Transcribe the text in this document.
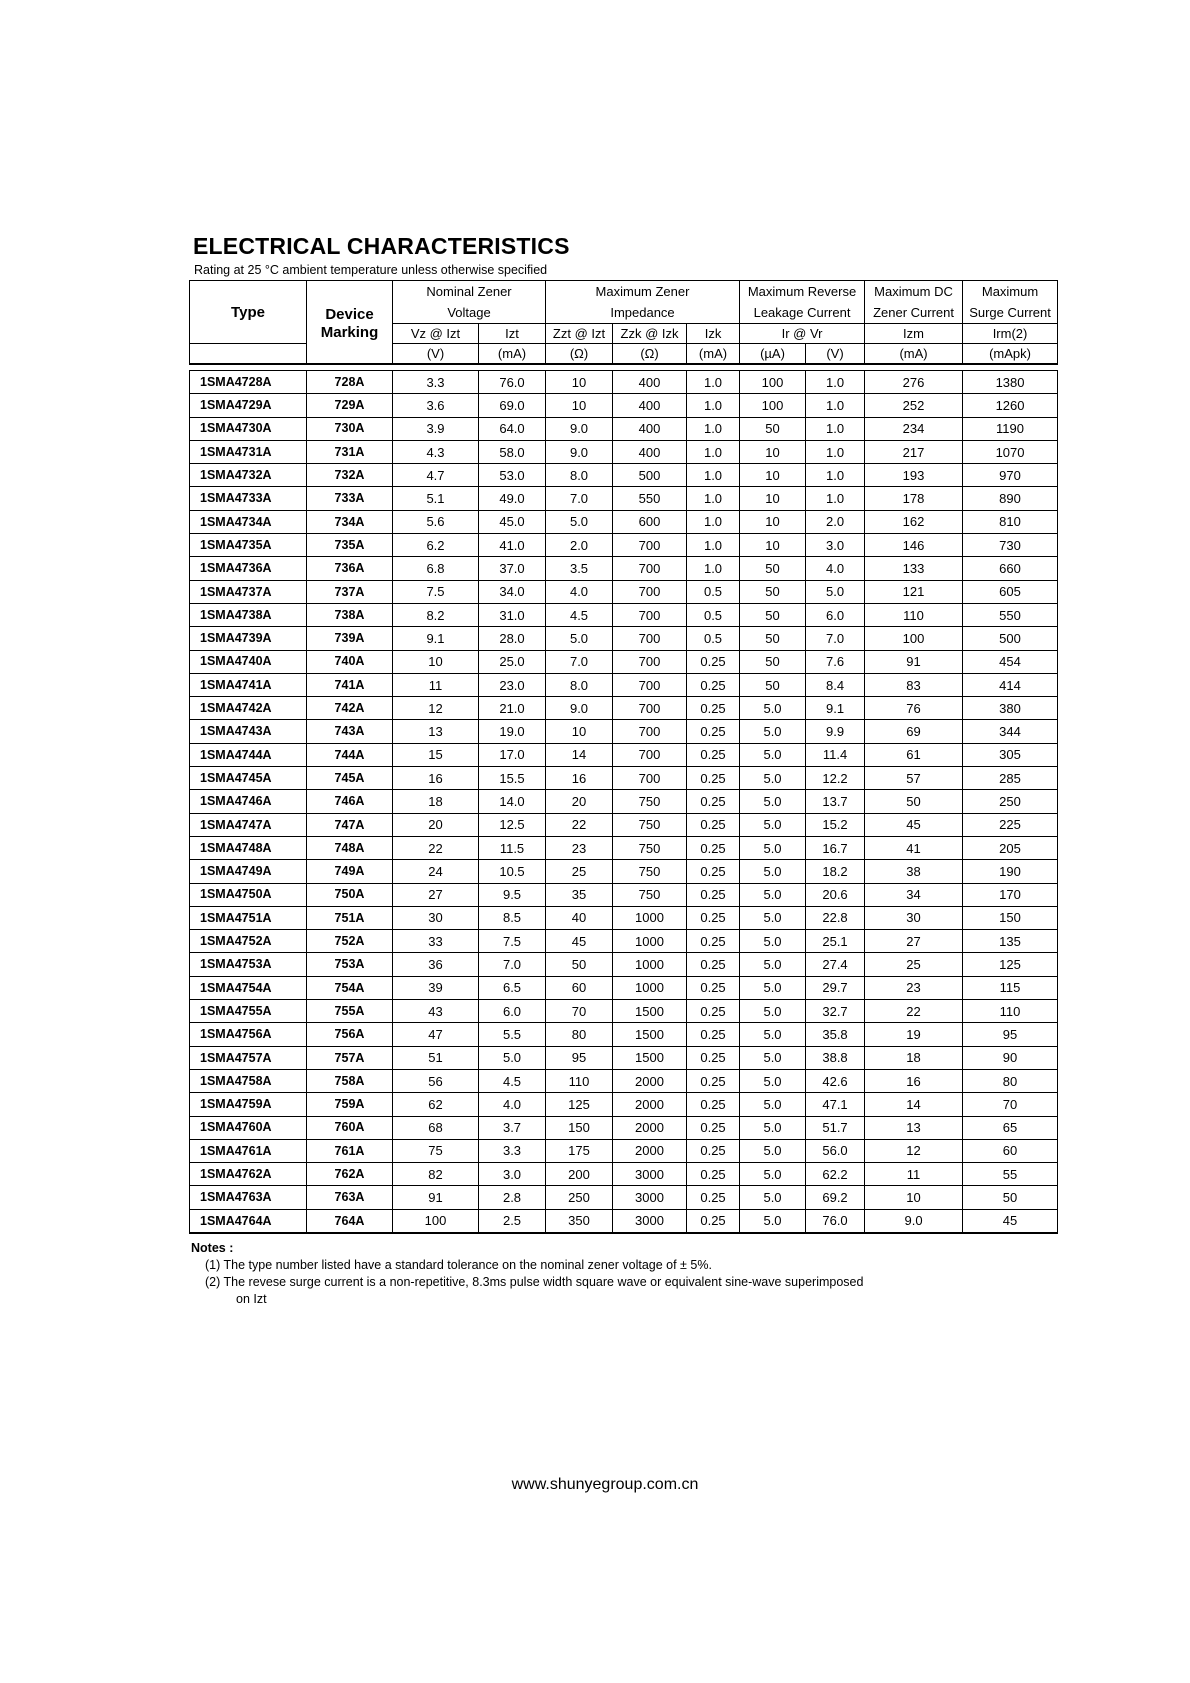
ELECTRICAL CHARACTERISTICS
Rating at 25 °C ambient temperature unless otherwise specified
Type	Device	Nominal Zener		Maximum Zener			Maximum Reverse		Maximum DC	Maximum
		Voltage		Impedance			Leakage Current		Zener Current	Surge Current
	Marking	Vz @ Izt	Izt	Zzt @ Izt	Zzk @ Izk	Izk	Ir @ Vr		Izm	Irm(2)
		(V)	(mA)	(Ω)	(Ω)	(mA)	(µA)	(V)	(mA)	(mApk)

1SMA4728A	728A	3.3	76.0	10	400	1.0	100	1.0	276	1380
1SMA4729A	729A	3.6	69.0	10	400	1.0	100	1.0	252	1260
1SMA4730A	730A	3.9	64.0	9.0	400	1.0	50	1.0	234	1190
1SMA4731A	731A	4.3	58.0	9.0	400	1.0	10	1.0	217	1070
1SMA4732A	732A	4.7	53.0	8.0	500	1.0	10	1.0	193	970
1SMA4733A	733A	5.1	49.0	7.0	550	1.0	10	1.0	178	890
1SMA4734A	734A	5.6	45.0	5.0	600	1.0	10	2.0	162	810
1SMA4735A	735A	6.2	41.0	2.0	700	1.0	10	3.0	146	730
1SMA4736A	736A	6.8	37.0	3.5	700	1.0	50	4.0	133	660
1SMA4737A	737A	7.5	34.0	4.0	700	0.5	50	5.0	121	605
1SMA4738A	738A	8.2	31.0	4.5	700	0.5	50	6.0	110	550
1SMA4739A	739A	9.1	28.0	5.0	700	0.5	50	7.0	100	500
1SMA4740A	740A	10	25.0	7.0	700	0.25	50	7.6	91	454
1SMA4741A	741A	11	23.0	8.0	700	0.25	50	8.4	83	414
1SMA4742A	742A	12	21.0	9.0	700	0.25	5.0	9.1	76	380
1SMA4743A	743A	13	19.0	10	700	0.25	5.0	9.9	69	344
1SMA4744A	744A	15	17.0	14	700	0.25	5.0	11.4	61	305
1SMA4745A	745A	16	15.5	16	700	0.25	5.0	12.2	57	285
1SMA4746A	746A	18	14.0	20	750	0.25	5.0	13.7	50	250
1SMA4747A	747A	20	12.5	22	750	0.25	5.0	15.2	45	225
1SMA4748A	748A	22	11.5	23	750	0.25	5.0	16.7	41	205
1SMA4749A	749A	24	10.5	25	750	0.25	5.0	18.2	38	190
1SMA4750A	750A	27	9.5	35	750	0.25	5.0	20.6	34	170
1SMA4751A	751A	30	8.5	40	1000	0.25	5.0	22.8	30	150
1SMA4752A	752A	33	7.5	45	1000	0.25	5.0	25.1	27	135
1SMA4753A	753A	36	7.0	50	1000	0.25	5.0	27.4	25	125
1SMA4754A	754A	39	6.5	60	1000	0.25	5.0	29.7	23	115
1SMA4755A	755A	43	6.0	70	1500	0.25	5.0	32.7	22	110
1SMA4756A	756A	47	5.5	80	1500	0.25	5.0	35.8	19	95
1SMA4757A	757A	51	5.0	95	1500	0.25	5.0	38.8	18	90
1SMA4758A	758A	56	4.5	110	2000	0.25	5.0	42.6	16	80
1SMA4759A	759A	62	4.0	125	2000	0.25	5.0	47.1	14	70
1SMA4760A	760A	68	3.7	150	2000	0.25	5.0	51.7	13	65
1SMA4761A	761A	75	3.3	175	2000	0.25	5.0	56.0	12	60
1SMA4762A	762A	82	3.0	200	3000	0.25	5.0	62.2	11	55
1SMA4763A	763A	91	2.8	250	3000	0.25	5.0	69.2	10	50
1SMA4764A	764A	100	2.5	350	3000	0.25	5.0	76.0	9.0	45
Notes :
(1) The type number listed have a standard tolerance on the nominal zener voltage of ± 5%.
(2) The revese surge current is a non-repetitive, 8.3ms pulse width square wave or equivalent sine-wave superimposed
on Izt
www.shunyegroup.com.cn
